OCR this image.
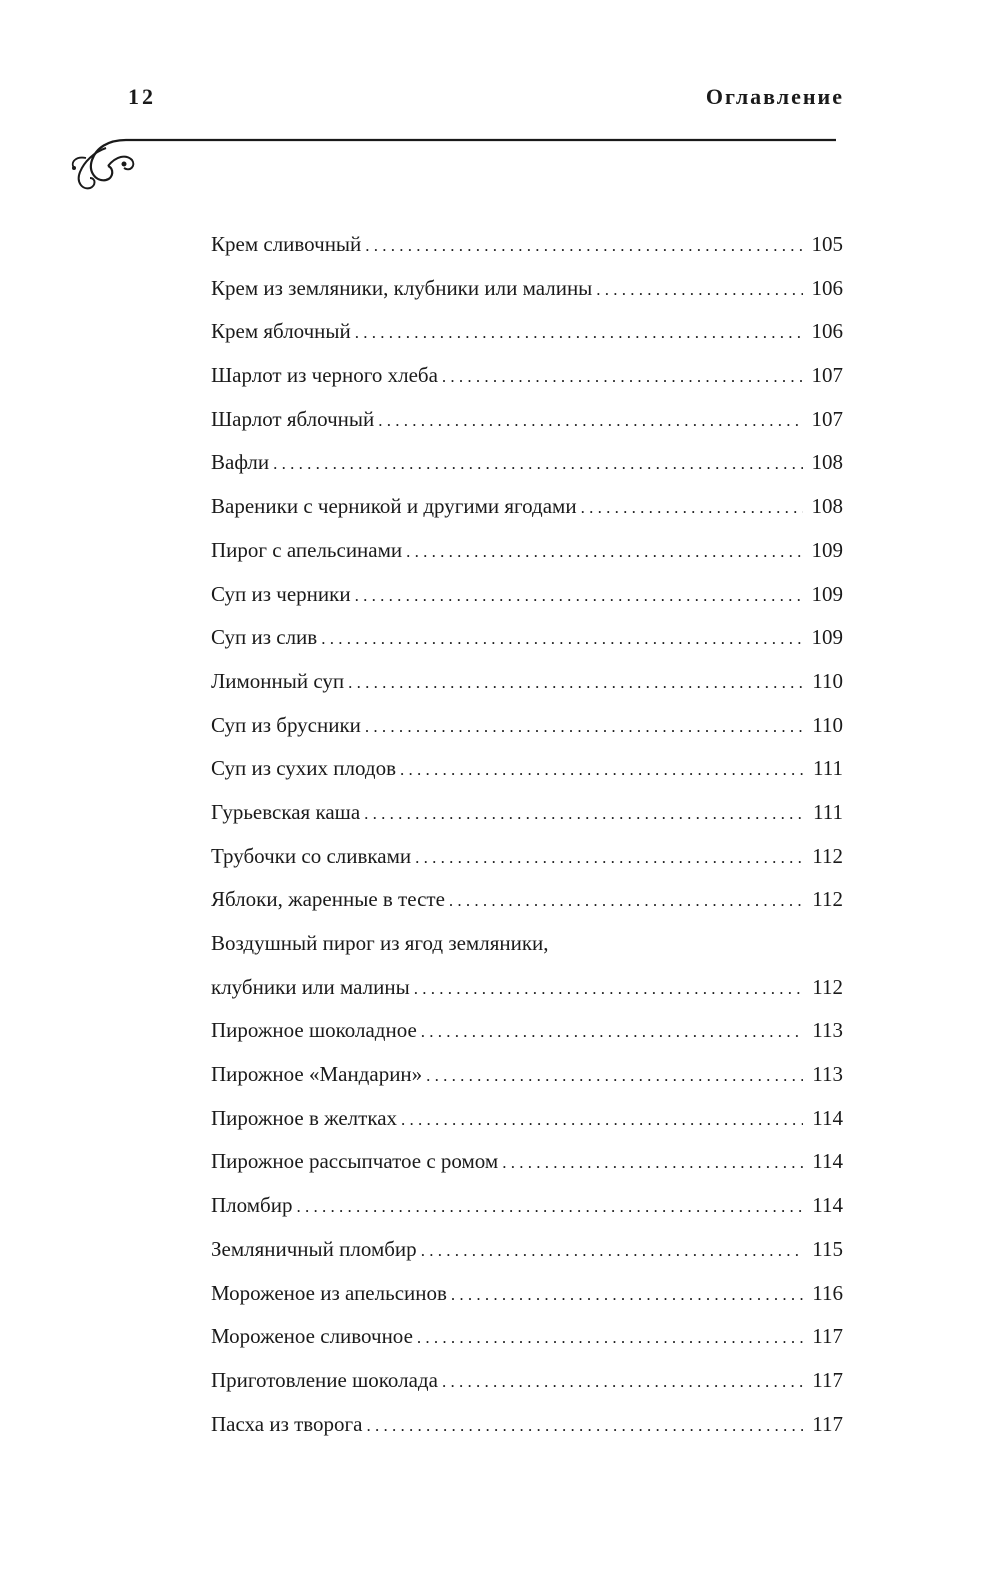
12	Оглавление
Крем сливочный . . .	105
Крем из земляники, клубники или малины . . .	106
Крем яблочный . . .	106
Шарлот из черного хлеба . . .	107
Шарлот яблочный . . .	107
Вафли . . .	108
Вареники с черникой и другими ягодами . . .	108
Пирог с апельсинами . . .	109
Суп из черники . . .	109
Суп из слив . . .	109
Лимонный суп . . .	110
Суп из брусники . . .	110
Суп из сухих плодов . . .	111
Гурьевская каша . . .	111
Трубочки со сливками . . .	112
Яблоки, жаренные в тесте . . .	112
Воздушный пирог из ягод земляники,
клубники или малины . . .	112
Пирожное шоколадное . . .	113
Пирожное «Мандарин» . . .	113
Пирожное в желтках . . .	114
Пирожное рассыпчатое с ромом . . .	114
Пломбир . . .	114
Земляничный пломбир . . .	115
Мороженое из апельсинов . . .	116
Мороженое сливочное . . .	117
Приготовление шоколада . . .	117
Пасха из творога . . .	117
